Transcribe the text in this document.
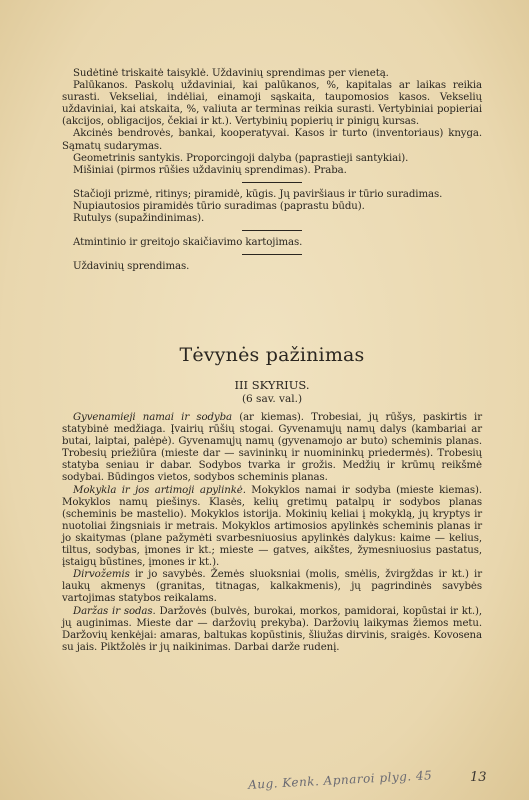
Sudėtinė triskaitė taisyklė. Uždavinių sprendimas per vienetą.

Palūkanos. Paskolų uždaviniai, kai palūkanos, %, kapitalas ar laikas reikia surasti. Vekseliai, indėliai, einamoji sąskaita, taupomosios kasos. Vekselių uždaviniai, kai atskaita, %, valiuta ar terminas reikia surasti. Vertybiniai popieriai (akcijos, obligacijos, čekiai ir kt.). Vertybinių popierių ir pinigų kursas.

Akcinės bendrovės, bankai, kooperatyvai. Kasos ir turto (inventoriaus) knyga. Sąmatų sudarymas.

Geometrinis santykis. Proporcingoji dalyba (paprastieji santykiai).

Mišiniai (pirmos rūšies uždavinių sprendimas). Praba.

Stačioji prizmė, ritinys; piramidė, kūgis. Jų paviršiaus ir tūrio suradimas.

Nupiautosios piramidės tūrio suradimas (paprastu būdu).

Rutulys (supažindinimas).

Atmintinio ir greitojo skaičiavimo kartojimas.

Uždavinių sprendimas.

Tėvynės pažinimas
III SKYRIUS.
(6 sav. val.)

Gyvenamieji namai ir sodyba (ar kiemas). Trobesiai, jų rūšys, paskirtis ir statybinė medžiaga. Įvairių rūšių stogai. Gyvenamųjų namų dalys (kambariai ar butai, laiptai, palėpė). Gyvenamųjų namų (gyvenamojo ar buto) scheminis planas. Trobesių priežiūra (mieste dar — savininkų ir nuomininkų priedermės). Trobesių statyba seniau ir dabar. Sodybos tvarka ir grožis. Medžių ir krūmų reikšmė sodybai. Būdingos vietos, sodybos scheminis planas.

Mokykla ir jos artimoji apylinkė. Mokyklos namai ir sodyba (mieste kiemas). Mokyklos namų piešinys. Klasės, kelių gretimų patalpų ir sodybos planas (scheminis be mastelio). Mokyklos istorija. Mokinių keliai į mokyklą, jų kryptys ir nuotoliai žingsniais ir metrais. Mokyklos artimosios apylinkės scheminis planas ir jo skaitymas (plane pažymėti svarbesniuosius apylinkės dalykus: kaime — kelius, tiltus, sodybas, įmones ir kt.; mieste — gatves, aikštes, žymesniuosius pastatus, įstaigų būstines, įmones ir kt.).

Dirvožemis ir jo savybės. Žemės sluoksniai (molis, smėlis, žvirgždas ir kt.) ir laukų akmenys (granitas, titnagas, kalkakmenis), jų pagrindinės savybės vartojimas statybos reikalams.

Daržas ir sodas. Daržovės (bulvės, burokai, morkos, pamidorai, kopūstai ir kt.), jų auginimas. Mieste dar — daržovių prekyba). Daržovių laikymas žiemos metu. Daržovių kenkėjai: amaras, baltukas kopūstinis, šliužas dirvinis, sraigės. Kovosena su jais. Piktžolės ir jų naikinimas. Darbai darže rudenį.

Aug. Kenk. Apnaroi plyg. 45	13
